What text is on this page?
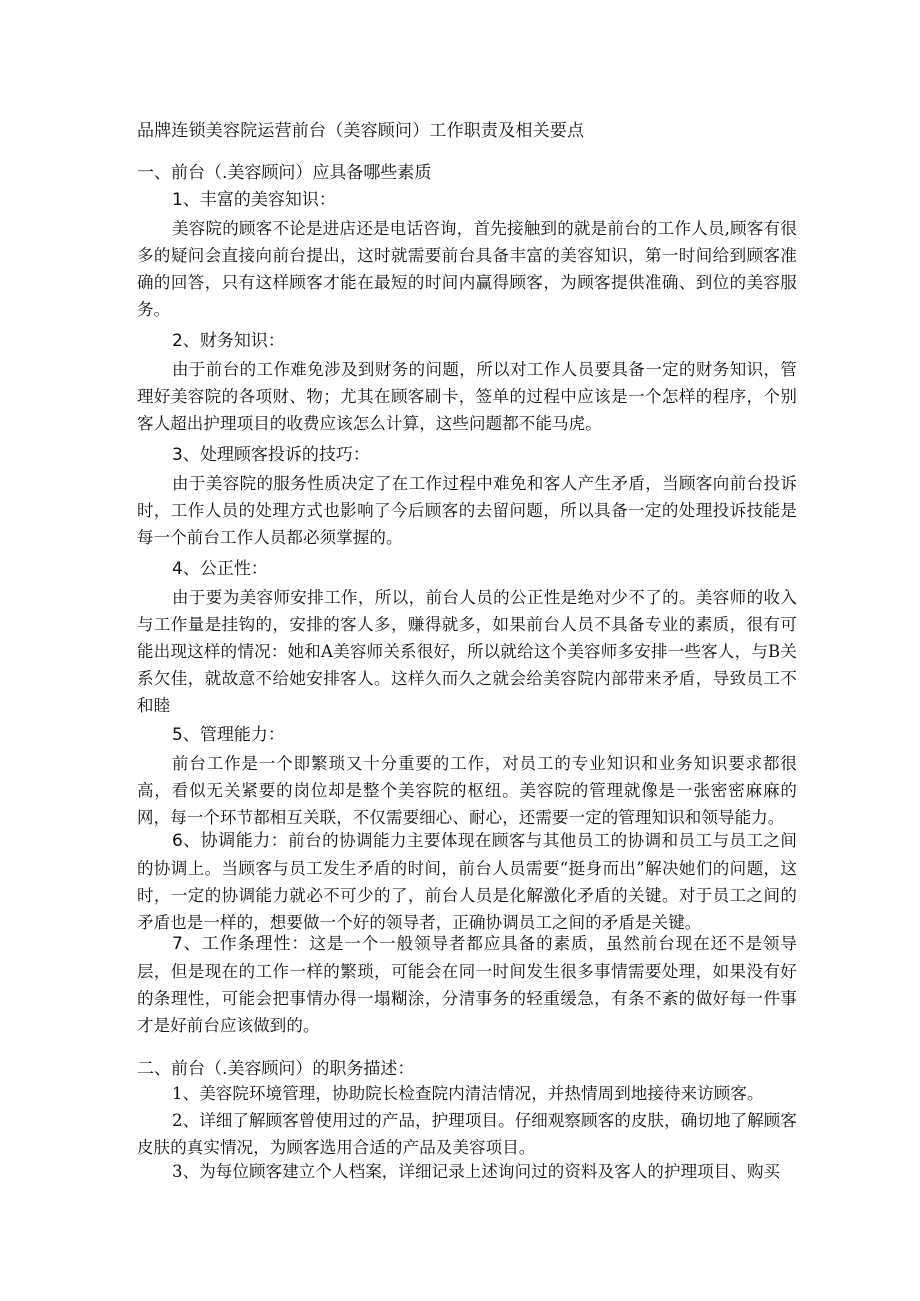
品牌连锁美容院运营前台（美容顾问）工作职责及相关要点
一、前台（.美容顾问）应具备哪些素质
1、丰富的美容知识：
美容院的顾客不论是进店还是电话咨询，首先接触到的就是前台的工作人员,顾客有很多的疑问会直接向前台提出，这时就需要前台具备丰富的美容知识，第一时间给到顾客准确的回答，只有这样顾客才能在最短的时间内赢得顾客，为顾客提供准确、到位的美容服务。
2、财务知识：
由于前台的工作难免涉及到财务的问题，所以对工作人员要具备一定的财务知识，管理好美容院的各项财、物；尤其在顾客刷卡，签单的过程中应该是一个怎样的程序，个别客人超出护理项目的收费应该怎么计算，这些问题都不能马虎。
3、处理顾客投诉的技巧：
由于美容院的服务性质决定了在工作过程中难免和客人产生矛盾，当顾客向前台投诉时，工作人员的处理方式也影响了今后顾客的去留问题，所以具备一定的处理投诉技能是每一个前台工作人员都必须掌握的。
4、公正性：
由于要为美容师安排工作，所以，前台人员的公正性是绝对少不了的。美容师的收入与工作量是挂钩的，安排的客人多，赚得就多，如果前台人员不具备专业的素质，很有可能出现这样的情况：她和A美容师关系很好，所以就给这个美容师多安排一些客人，与B关系欠佳，就故意不给她安排客人。这样久而久之就会给美容院内部带来矛盾，导致员工不和睦
5、管理能力：
前台工作是一个即繁琐又十分重要的工作，对员工的专业知识和业务知识要求都很高，看似无关紧要的岗位却是整个美容院的枢纽。美容院的管理就像是一张密密麻麻的网，每一个环节都相互关联，不仅需要细心、耐心，还需要一定的管理知识和领导能力。
6、协调能力：前台的协调能力主要体现在顾客与其他员工的协调和员工与员工之间的协调上。当顾客与员工发生矛盾的时间，前台人员需要“挺身而出”解决她们的问题，这时，一定的协调能力就必不可少的了，前台人员是化解激化矛盾的关键。对于员工之间的矛盾也是一样的，想要做一个好的领导者，正确协调员工之间的矛盾是关键。
7、工作条理性：这是一个一般领导者都应具备的素质，虽然前台现在还不是领导层，但是现在的工作一样的繁琐，可能会在同一时间发生很多事情需要处理，如果没有好的条理性，可能会把事情办得一塌糊涂，分清事务的轻重缓急，有条不紊的做好每一件事才是好前台应该做到的。
二、前台（.美容顾问）的职务描述：
1、美容院环境管理，协助院长检查院内清洁情况，并热情周到地接待来访顾客。
2、详细了解顾客曾使用过的产品，护理项目。仔细观察顾客的皮肤，确切地了解顾客皮肤的真实情况，为顾客选用合适的产品及美容项目。
3、为每位顾客建立个人档案，详细记录上述询问过的资料及客人的护理项目、购买
